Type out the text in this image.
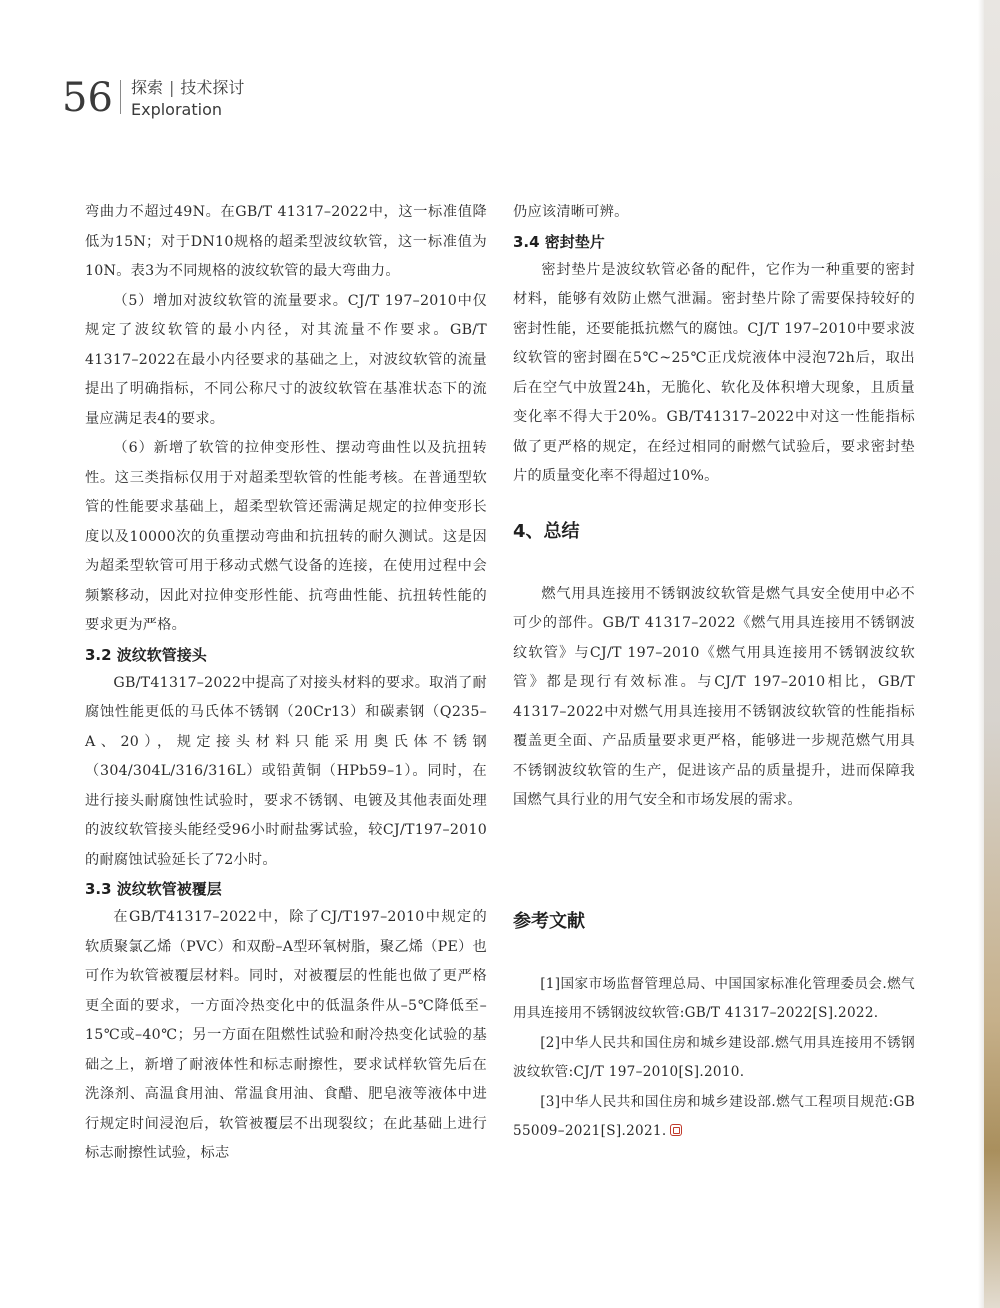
56 探索 | 技术探讨
Exploration

弯曲力不超过49N。在GB/T 41317–2022中，这一标准值降低为15N；对于DN10规格的超柔型波纹软管，这一标准值为10N。表3为不同规格的波纹软管的最大弯曲力。

（5）增加对波纹软管的流量要求。CJ/T 197–2010中仅规定了波纹软管的最小内径，对其流量不作要求。GB/T 41317–2022在最小内径要求的基础之上，对波纹软管的流量提出了明确指标，不同公称尺寸的波纹软管在基准状态下的流量应满足表4的要求。

（6）新增了软管的拉伸变形性、摆动弯曲性以及抗扭转性。这三类指标仅用于对超柔型软管的性能考核。在普通型软管的性能要求基础上，超柔型软管还需满足规定的拉伸变形长度以及10000次的负重摆动弯曲和抗扭转的耐久测试。这是因为超柔型软管可用于移动式燃气设备的连接，在使用过程中会频繁移动，因此对拉伸变形性能、抗弯曲性能、抗扭转性能的要求更为严格。

3.2 波纹软管接头

GB/T41317–2022中提高了对接头材料的要求。取消了耐腐蚀性能更低的马氏体不锈钢（20Cr13）和碳素钢（Q235–A、20），规定接头材料只能采用奥氏体不锈钢（304/304L/316/316L）或铅黄铜（HPb59–1）。同时，在进行接头耐腐蚀性试验时，要求不锈钢、电镀及其他表面处理的波纹软管接头能经受96小时耐盐雾试验，较CJ/T197–2010的耐腐蚀试验延长了72小时。

3.3 波纹软管被覆层

在GB/T41317–2022中，除了CJ/T197–2010中规定的软质聚氯乙烯（PVC）和双酚–A型环氧树脂，聚乙烯（PE）也可作为软管被覆层材料。同时，对被覆层的性能也做了更严格更全面的要求，一方面冷热变化中的低温条件从–5℃降低至–15℃或–40℃；另一方面在阻燃性试验和耐冷热变化试验的基础之上，新增了耐液体性和标志耐擦性，要求试样软管先后在洗涤剂、高温食用油、常温食用油、食醋、肥皂液等液体中进行规定时间浸泡后，软管被覆层不出现裂纹；在此基础上进行标志耐擦性试验，标志

仍应该清晰可辨。

3.4 密封垫片

密封垫片是波纹软管必备的配件，它作为一种重要的密封材料，能够有效防止燃气泄漏。密封垫片除了需要保持较好的密封性能，还要能抵抗燃气的腐蚀。CJ/T 197–2010中要求波纹软管的密封圈在5℃~25℃正戊烷液体中浸泡72h后，取出后在空气中放置24h，无脆化、软化及体积增大现象，且质量变化率不得大于20%。GB/T41317–2022中对这一性能指标做了更严格的规定，在经过相同的耐燃气试验后，要求密封垫片的质量变化率不得超过10%。

4、总结

燃气用具连接用不锈钢波纹软管是燃气具安全使用中必不可少的部件。GB/T 41317–2022《燃气用具连接用不锈钢波纹软管》与CJ/T 197–2010《燃气用具连接用不锈钢波纹软管》都是现行有效标准。与CJ/T 197–2010相比，GB/T 41317–2022中对燃气用具连接用不锈钢波纹软管的性能指标覆盖更全面、产品质量要求更严格，能够进一步规范燃气用具不锈钢波纹软管的生产，促进该产品的质量提升，进而保障我国燃气具行业的用气安全和市场发展的需求。

参考文献

[1]国家市场监督管理总局、中国国家标准化管理委员会.燃气用具连接用不锈钢波纹软管:GB/T 41317–2022[S].2022.

[2]中华人民共和国住房和城乡建设部.燃气用具连接用不锈钢波纹软管:CJ/T 197–2010[S].2010.

[3]中华人民共和国住房和城乡建设部.燃气工程项目规范:GB 55009–2021[S].2021.
